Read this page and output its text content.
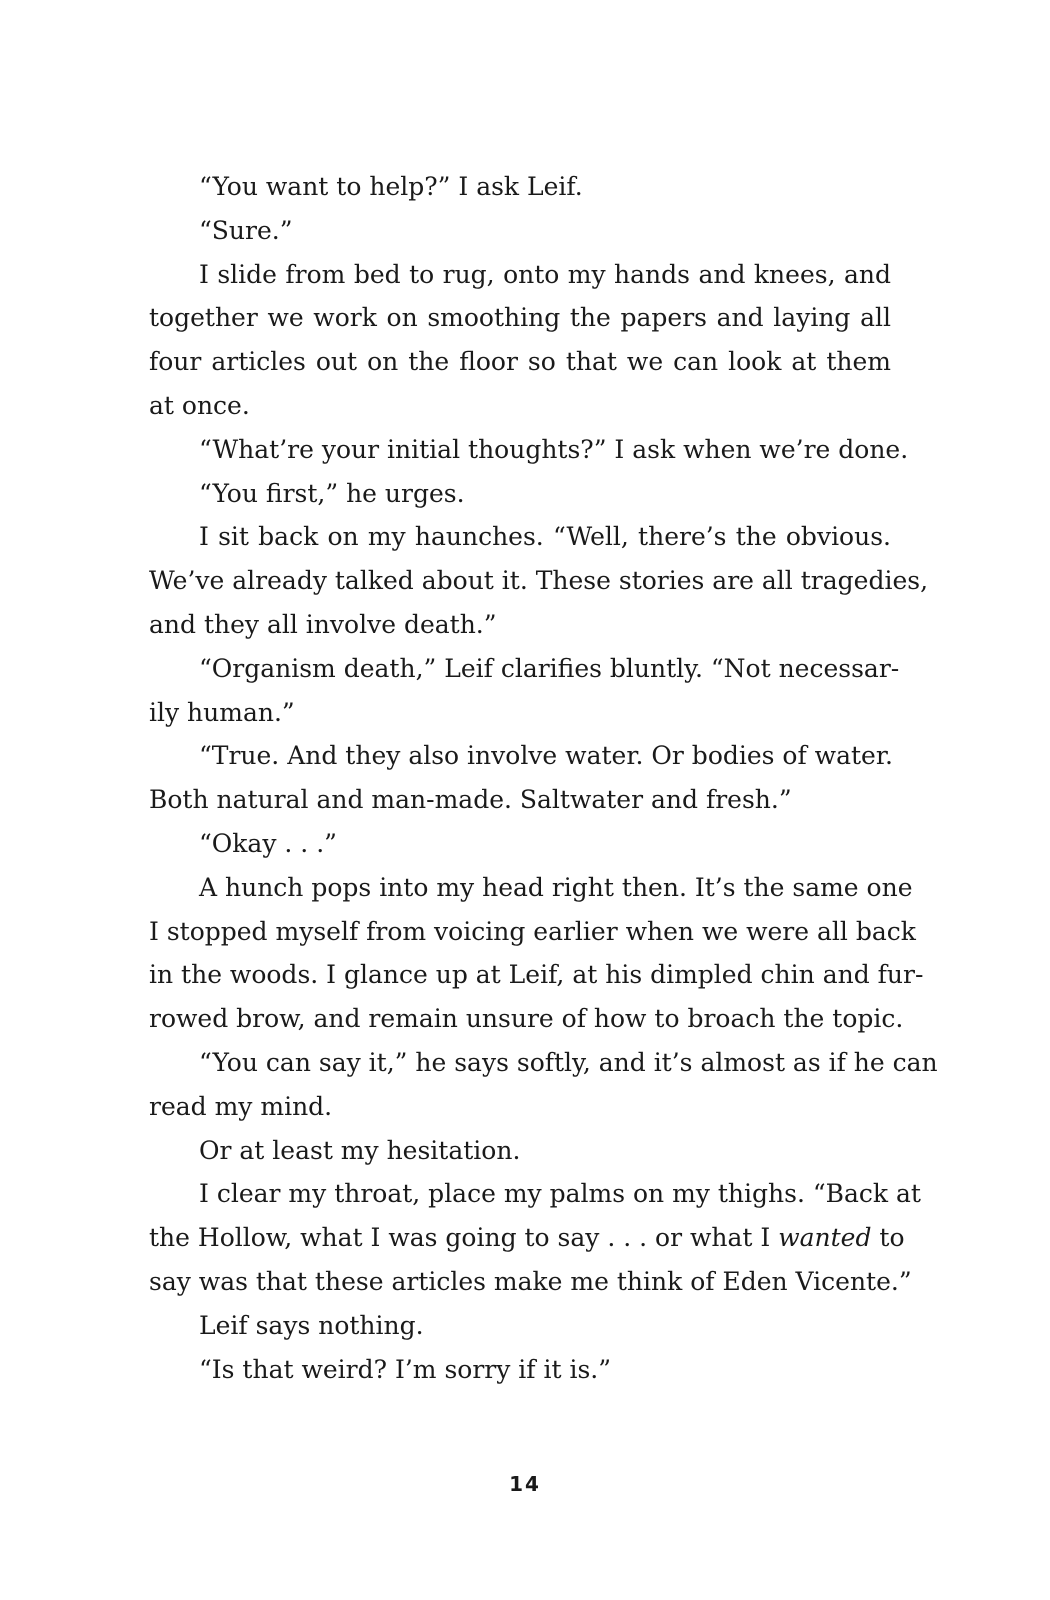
“You want to help?” I ask Leif.
“Sure.”
I slide from bed to rug, onto my hands and knees, and
together we work on smoothing the papers and laying all
four articles out on the floor so that we can look at them
at once.
“What’re your initial thoughts?” I ask when we’re done.
“You first,” he urges.
I sit back on my haunches. “Well, there’s the obvious.
We’ve already talked about it. These stories are all tragedies,
and they all involve death.”
“Organism death,” Leif clarifies bluntly. “Not necessar-
ily human.”
“True. And they also involve water. Or bodies of water.
Both natural and man-made. Saltwater and fresh.”
“Okay . . .”
A hunch pops into my head right then. It’s the same one
I stopped myself from voicing earlier when we were all back
in the woods. I glance up at Leif, at his dimpled chin and fur-
rowed brow, and remain unsure of how to broach the topic.
“You can say it,” he says softly, and it’s almost as if he can
read my mind.
Or at least my hesitation.
I clear my throat, place my palms on my thighs. “Back at
the Hollow, what I was going to say . . . or what I wanted to
say was that these articles make me think of Eden Vicente.”
Leif says nothing.
“Is that weird? I’m sorry if it is.”
14
